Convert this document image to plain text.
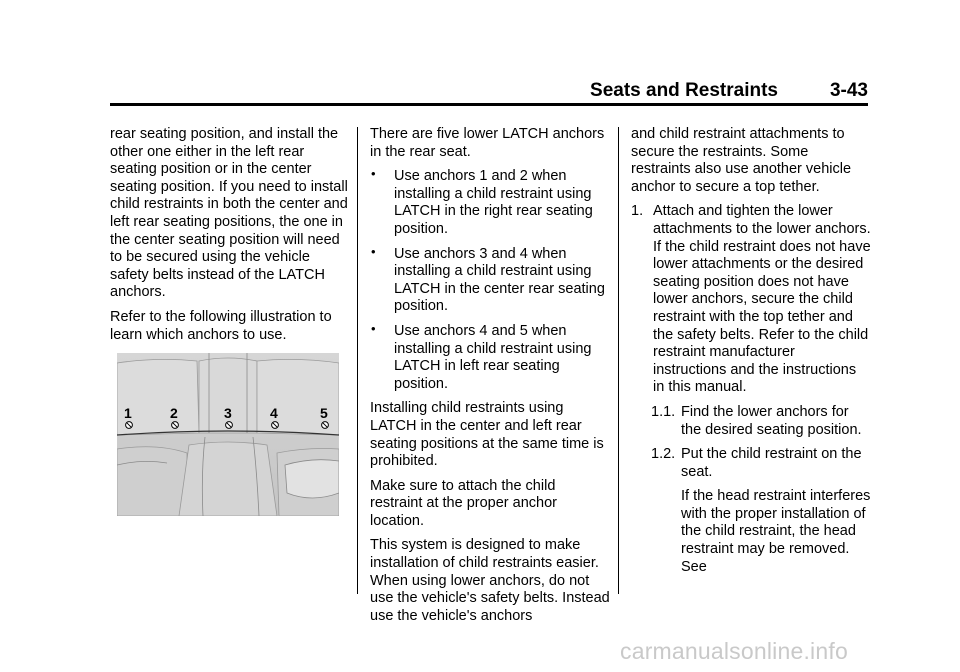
Seats and Restraints	3-43

rear seating position, and install the other one either in the left rear seating position or in the center seating position. If you need to install child restraints in both the center and left rear seating positions, the one in the center seating position will need to be secured using the vehicle safety belts instead of the LATCH anchors.

Refer to the following illustration to learn which anchors to use.

1	2	3	4	5

There are five lower LATCH anchors in the rear seat.

• Use anchors 1 and 2 when installing a child restraint using LATCH in the right rear seating position.
• Use anchors 3 and 4 when installing a child restraint using LATCH in the center rear seating position.
• Use anchors 4 and 5 when installing a child restraint using LATCH in left rear seating position.

Installing child restraints using LATCH in the center and left rear seating positions at the same time is prohibited.

Make sure to attach the child restraint at the proper anchor location.

This system is designed to make installation of child restraints easier. When using lower anchors, do not use the vehicle's safety belts. Instead use the vehicle's anchors

and child restraint attachments to secure the restraints. Some restraints also use another vehicle anchor to secure a top tether.

1. Attach and tighten the lower attachments to the lower anchors. If the child restraint does not have lower attachments or the desired seating position does not have lower anchors, secure the child restraint with the top tether and the safety belts. Refer to the child restraint manufacturer instructions and the instructions in this manual.
1.1. Find the lower anchors for the desired seating position.
1.2. Put the child restraint on the seat.

If the head restraint interferes with the proper installation of the child restraint, the head restraint may be removed. See

carmanualsonline.info
